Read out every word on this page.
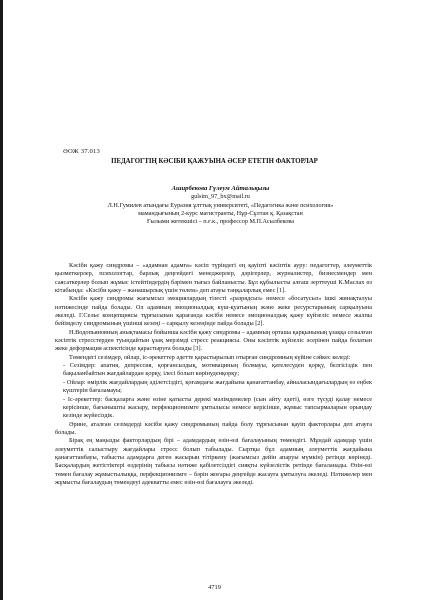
ӘОЖ 37.013
ПЕДАГОГТІҢ КӘСІБИ ҚАЖУЫНА ӘСЕР ЕТЕТІН ФАКТОРЛАР
Аширбекова Гүлеум Айтальқызы
gulsim_97_bx@mail.ru
Л.Н.Гумилев атындағы Еуразия ұлттық университеті, «Педагогика және психология»
мамандығының 2-курс магистранты, Нұр-Сұлтан қ. Қазақстан
Ғылыми жетекшісі – п.ғ.к., профессор М.П.Асылбекова

Кәсіби қажу синдромы – «адамнан адамға» кәсіп түріндегі ең қауіпті кәсіптік ауру: педагогтер, әлеуметтік қызметкерлер, психологтар, барлық деңгейдегі менеджерлер, дәрігерлер, журналистер, бизнесмендер мен саясаткерлер болып жұмыс істейтіндердің бәрімен тығыз байланысты. Бұл құбылысты алғаш зерттеуші К.Маслах өз кітабында: «Кәсіби қажу – жанашырлық үшін төлем» деп атауы таңқаларлық емес [1].

Кәсіби қажу синдромы жағымсыз эмоциялардың тізесті «разрядсыз» немесе «босатусыз» ішкі жинақталуы нәтижесінде пайда болады. Ол адамның эмоционалдық күш-қуатының және жеке ресурстарының сарқылуына әкеледі. Г.Селье концепциясы тұрғысынан қарағанда кәсіби немесе эмоционалдық қажу күйзеліс немесе жалпы бейімделу синдромының үшінші кезеңі – сарқылу кезеңінде пайда болады [2].

Н.Водопьяновның анықтамасы бойынша кәсіби қажу синдромы – адамның орташа қарқынының ұзаққа созылған кәсіптік стресстерден туындайтын ұзақ мерзімді стресс реакциясы. Оны кәсіптік күйзеліс әсерінен пайда болатын жеке деформация аспектісінде қарастыруға болады [3].

Төмендегі сезімдер, ойлар, іс-әрекеттер әдетте қарастырылып отырған синдромның күйіне сәйкес келеді:

- Сезімдер: апатия, депрессия, қорғансыздық, мотивациның болмауы, қателесуден қорқу, белгісіздік пен бақыланбайтын жағдайлардан қорқу, ілесі болып көрінуденқорқу;

- Ойлар: өмірлік жағдайлардың әділетсіздігі, қоғамдағы жағдайына қанағаттанбау, айналасындағылардың өз еңбек күштерін бағаламауы;

- Іс-әрекеттер: басқаларға және өзіне қатысты дерекі мәлімдемелер (сын айту әдеті), өзге түсуді қалау немесе керісінше, бағынышты жасыру, перфекционизмге ұмтылысы немесе керісінше, жұмыс тапсырмаларын орындау кезінде жүйесіздік.

Әрине, аталған сезімдерді кәсіби қажу синдромының пайда болу тұрғысынан қауіп факторлары деп атауға болады.

Бірақ ең маңызды факторлардың бірі – адамдардың өзін-өзі бағалауының төмендігі. Мұндай адамдар үшін әлеуметтік салыстыру жағдайлары стресс болып табылады. Сыртқы бұл адамның әлеуметтік жағдайына қанағаттанбауы, табысты адамдарға деген жасырын тітіркену (жағымсыз дейін апаруы мүмкін) ретінде көрінеді. Басқалардың жетістіктері өздерінің табысы нәтиже қабілетсіздігі сияқты күйзелістік ретінде бағаланады. Өзін-өзі төмен бағалау жұмыстылыққа, перфекционизмге – бәрін жоғары деңгейде жасауға ұмтылуға әкеледі. Нәтижелер мен жұмысты бағалаудың төмендеуі адекватты емес өзін-өзі бағалауға әкеледі.

4719
